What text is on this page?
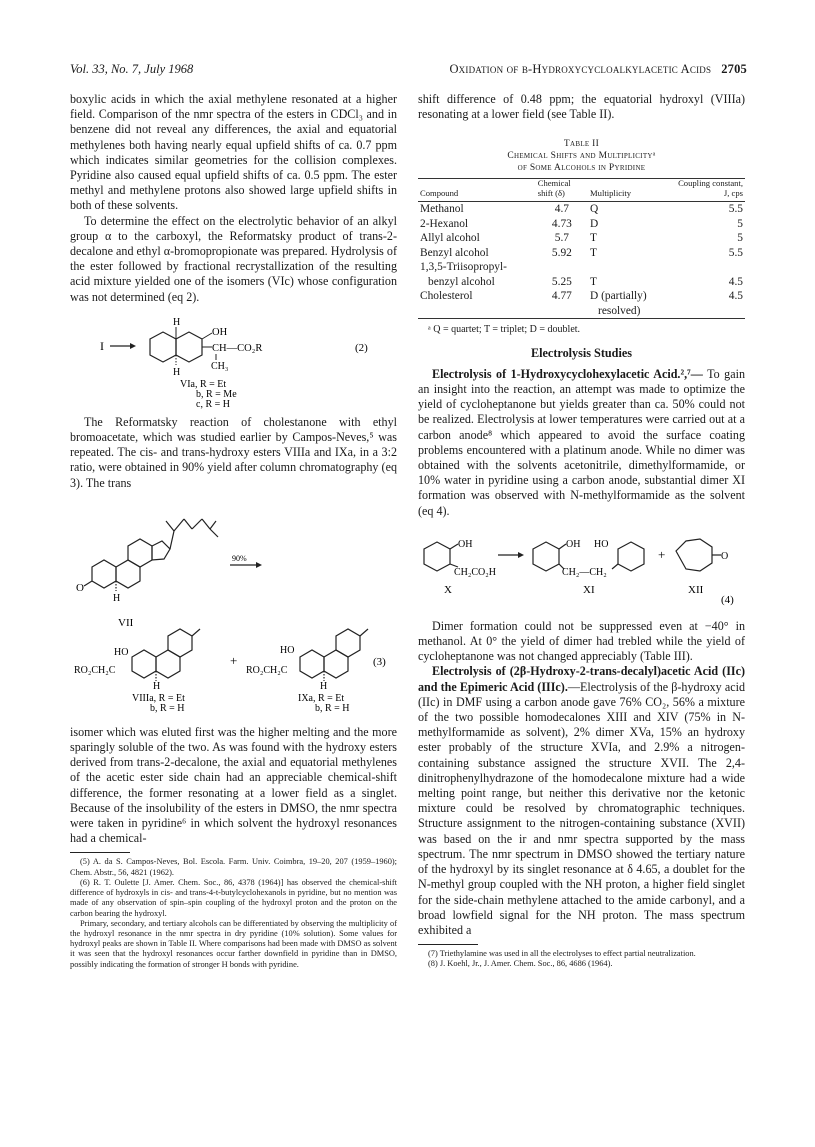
Vol. 33, No. 7, July 1968	Oxidation of β-Hydroxycycloalkylacetic Acids 2705

boxylic acids in which the axial methylene resonated at a higher field. Comparison of the nmr spectra of the esters in CDCl₃ and in benzene did not reveal any differences, the axial and equatorial methylenes both having nearly equal upfield shifts of ca. 0.7 ppm which indicates similar geometries for the collision complexes. Pyridine also caused equal upfield shifts of ca. 0.5 ppm. The ester methyl and methylene protons also showed large upfield shifts in both of these solvents.

To determine the effect on the electrolytic behavior of an alkyl group α to the carboxyl, the Reformatsky product of trans-2-decalone and ethyl α-bromopropionate was prepared. Hydrolysis of the ester followed by fractional recrystallization of the resulting acid mixture yielded one of the isomers (VIc) whose configuration was not determined (eq 2).

I
H
H
OH
CH—CO₂R
CH₃
(2)
VIa, R = Et
b, R = Me
c, R = H

The Reformatsky reaction of cholestanone with ethyl bromoacetate, which was studied earlier by Campos-Neves,⁵ was repeated. The cis- and trans-hydroxy esters VIIIa and IXa, in a 3:2 ratio, were obtained in 90% yield after column chromatography (eq 3). The trans

O
H
VII
90%
HO
RO₂CH₂C
H
+
HO
RO₂CH₂C
H
(3)
VIIIa, R = Et
b, R = H
IXa, R = Et
b, R = H

isomer which was eluted first was the higher melting and the more sparingly soluble of the two. As was found with the hydroxy esters derived from trans-2-decalone, the axial and equatorial methylenes of the acetic ester side chain had an appreciable chemical-shift difference, the former resonating at a lower field as a singlet. Because of the insolubility of the esters in DMSO, the nmr spectra were taken in pyridine⁶ in which solvent the hydroxyl resonances had a chemical-

(5) A. da S. Campos-Neves, Bol. Escola. Farm. Univ. Coimbra, 19–20, 207 (1959–1960); Chem. Abstr., 56, 4821 (1962).

(6) R. T. Oulette [J. Amer. Chem. Soc., 86, 4378 (1964)] has observed the chemical-shift difference of hydroxyls in cis- and trans-4-t-butylcyclohexanols in pyridine, but no mention was made of any observation of spin–spin coupling of the hydroxyl proton and the proton on the carbon bearing the hydroxyl.

Primary, secondary, and tertiary alcohols can be differentiated by observing the multiplicity of the hydroxyl resonance in the nmr spectra in dry pyridine (10% solution). Some values for hydroxyl peaks are shown in Table II. Where comparisons had been made with DMSO as solvent it was seen that the hydroxyl resonances occur farther downfield in pyridine than in DMSO, possibly indicating the formation of stronger H bonds with pyridine.

shift difference of 0.48 ppm; the equatorial hydroxyl (VIIIa) resonating at a lower field (see Table II).

Table II
Chemical Shifts and Multiplicityᵃ
of Some Alcohols in Pyridine
Compound	Chemical shift (δ)	Multiplicity	Coupling constant, J, cps
Methanol	4.7	Q	5.5
2-Hexanol	4.73	D	5
Allyl alcohol	5.7	T	5
Benzyl alcohol	5.92	T	5.5
1,3,5-Triisopropyl-			
benzyl alcohol	5.25	T	4.5
Cholesterol	4.77	D (partially)	4.5
		resolved)	
ᵃ Q = quartet; T = triplet; D = doublet.
Electrolysis Studies

Electrolysis of 1-Hydroxycyclohexylacetic Acid.²,⁷— To gain an insight into the reaction, an attempt was made to optimize the yield of cycloheptanone but yields greater than ca. 50% could not be realized. Electrolysis at lower temperatures were carried out at a carbon anode⁸ which appeared to avoid the surface coating problems encountered with a platinum anode. While no dimer was obtained with the solvents acetonitrile, dimethylformamide, or 10% water in pyridine using a carbon anode, substantial dimer XI formation was observed with N-methylformamide as the solvent (eq 4).

OH
CH₂CO₂H
X
OH HO
CH₂—CH₂
XI
+	O
XII
(4)

Dimer formation could not be suppressed even at −40° in methanol. At 0° the yield of dimer had trebled while the yield of cycloheptanone was not changed appreciably (Table III).

Electrolysis of (2β-Hydroxy-2-trans-decalyl)acetic Acid (IIc) and the Epimeric Acid (IIIc).—Electrolysis of the β-hydroxy acid (IIc) in DMF using a carbon anode gave 76% CO₂, 56% a mixture of the two possible homodecalones XIII and XIV (75% in N-methylformamide as solvent), 2% dimer XVa, 15% an hydroxy ester probably of the structure XVIa, and 2.9% a nitrogen-containing substance assigned the structure XVII. The 2,4-dinitrophenylhydrazone of the homodecalone mixture had a wide melting point range, but neither this derivative nor the ketonic mixture could be resolved by chromatographic techniques. Structure assignment to the nitrogen-containing substance (XVII) was based on the ir and nmr spectra supported by the mass spectrum. The nmr spectrum in DMSO showed the tertiary nature of the hydroxyl by its singlet resonance at δ 4.65, a doublet for the N-methyl group coupled with the NH proton, a higher field singlet for the side-chain methylene attached to the amide carbonyl, and a broad lowfield signal for the NH proton. The mass spectrum exhibited a

(7) Triethylamine was used in all the electrolyses to effect partial neutralization.

(8) J. Koehl, Jr., J. Amer. Chem. Soc., 86, 4686 (1964).
